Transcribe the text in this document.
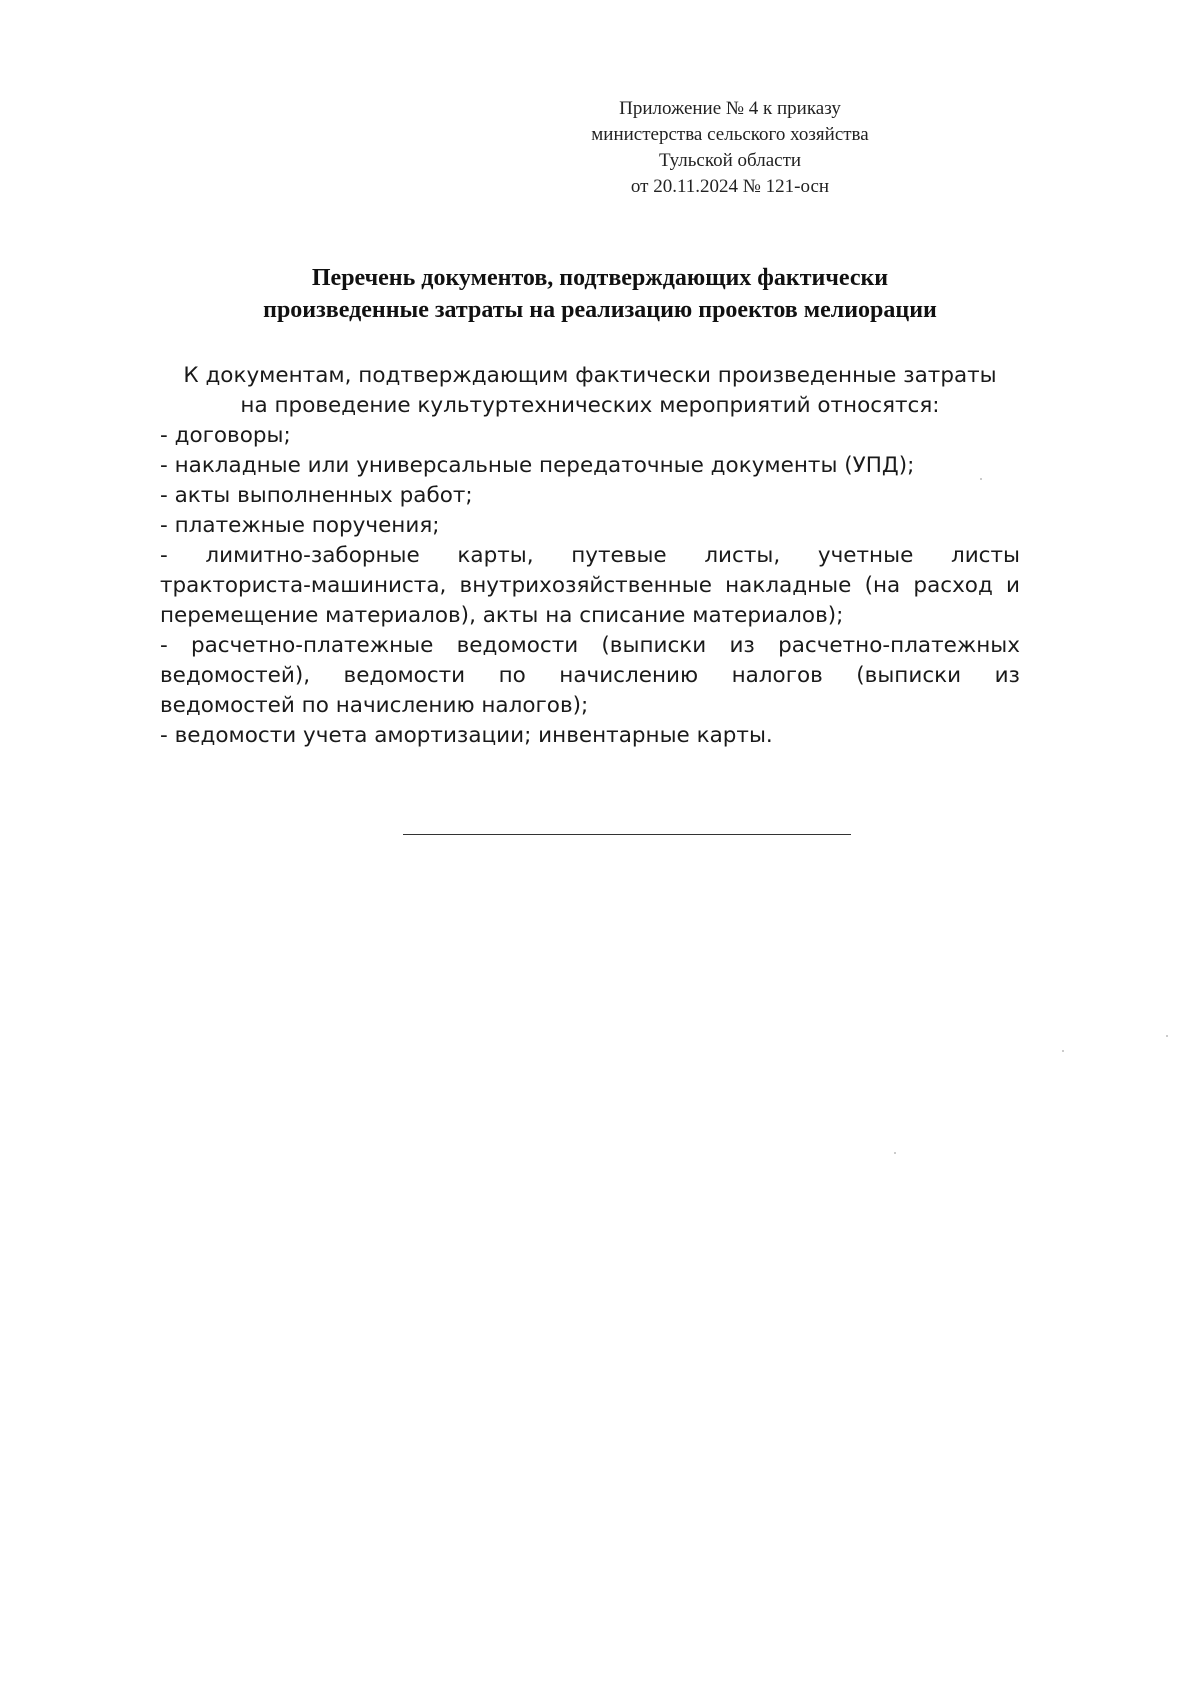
Приложение № 4 к приказу
министерства сельского хозяйства
Тульской области
от 20.11.2024 № 121-осн
Перечень документов, подтверждающих фактически
произведенные затраты на реализацию проектов мелиорации
К документам, подтверждающим фактически произведенные затраты
на проведение культуртехнических мероприятий относятся:
- договоры;
- накладные или универсальные передаточные документы (УПД);
- акты выполненных работ;
- платежные поручения;
- лимитно-заборные карты, путевые листы, учетные листы
тракториста-машиниста, внутрихозяйственные накладные (на расход и
перемещение материалов), акты на списание материалов);
- расчетно-платежные ведомости (выписки из расчетно-платежных
ведомостей), ведомости по начислению налогов (выписки из
ведомостей по начислению налогов);
- ведомости учета амортизации; инвентарные карты.
